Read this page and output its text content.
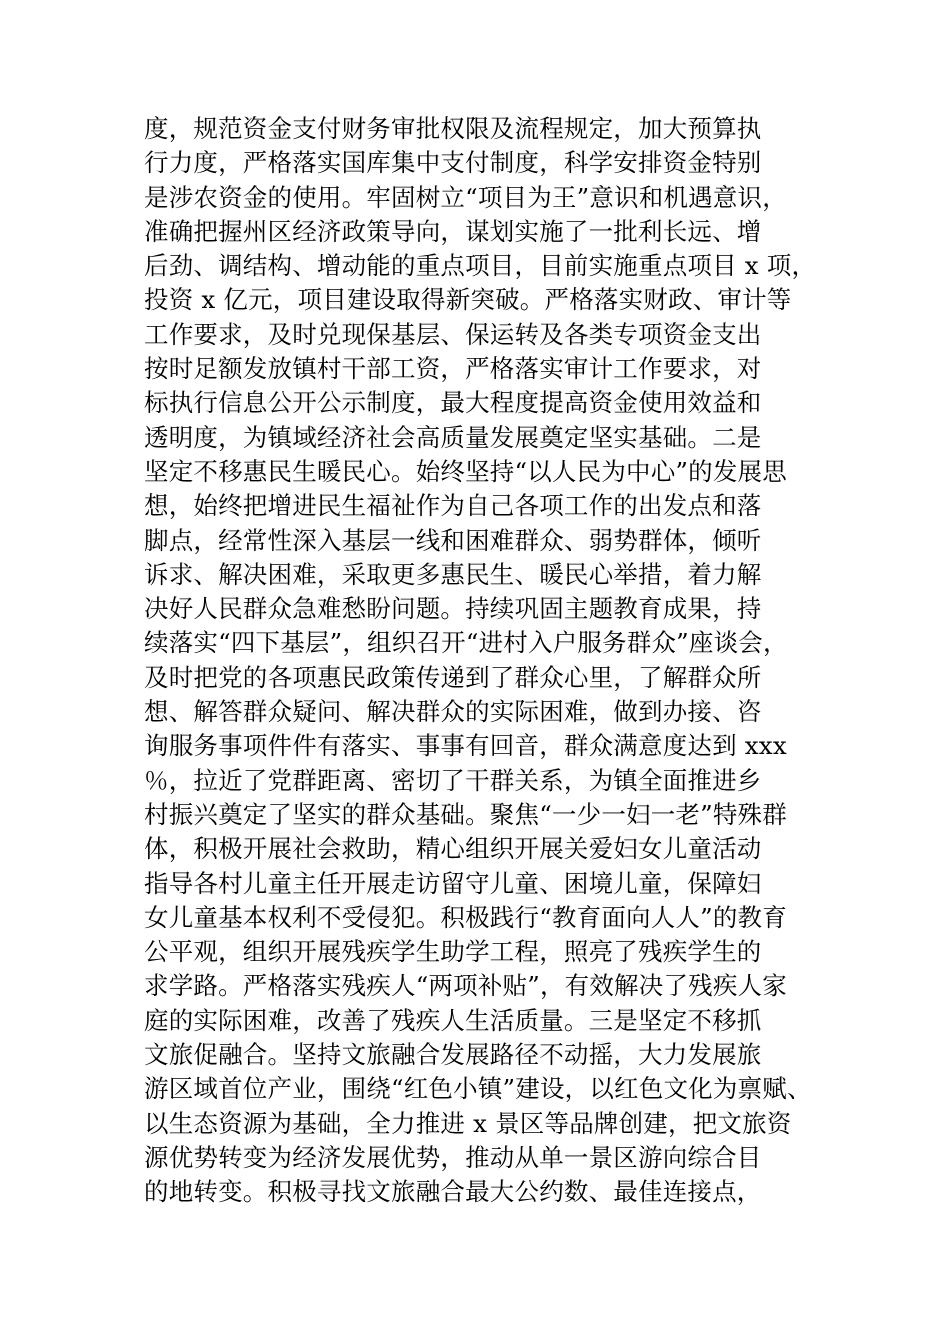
度，规范资金支付财务审批权限及流程规定，加大预算执
行力度，严格落实国库集中支付制度，科学安排资金特别
是涉农资金的使用。牢固树立“项目为王”意识和机遇意识，
准确把握州区经济政策导向，谋划实施了一批利长远、增
后劲、调结构、增动能的重点项目，目前实施重点项目 x 项，
投资 x 亿元，项目建设取得新突破。严格落实财政、审计等
工作要求，及时兑现保基层、保运转及各类专项资金支出
按时足额发放镇村干部工资，严格落实审计工作要求，对
标执行信息公开公示制度，最大程度提高资金使用效益和
透明度，为镇域经济社会高质量发展奠定坚实基础。二是
坚定不移惠民生暖民心。始终坚持“以人民为中心”的发展思
想，始终把增进民生福祉作为自己各项工作的出发点和落
脚点，经常性深入基层一线和困难群众、弱势群体，倾听
诉求、解决困难，采取更多惠民生、暖民心举措，着力解
决好人民群众急难愁盼问题。持续巩固主题教育成果，持
续落实“四下基层”，组织召开“进村入户服务群众”座谈会，
及时把党的各项惠民政策传递到了群众心里，了解群众所
想、解答群众疑问、解决群众的实际困难，做到办接、咨
询服务事项件件有落实、事事有回音，群众满意度达到 xxx
％，拉近了党群距离、密切了干群关系，为镇全面推进乡
村振兴奠定了坚实的群众基础。聚焦“一少一妇一老”特殊群
体，积极开展社会救助，精心组织开展关爱妇女儿童活动
指导各村儿童主任开展走访留守儿童、困境儿童，保障妇
女儿童基本权利不受侵犯。积极践行“教育面向人人”的教育
公平观，组织开展残疾学生助学工程，照亮了残疾学生的
求学路。严格落实残疾人“两项补贴”，有效解决了残疾人家
庭的实际困难，改善了残疾人生活质量。三是坚定不移抓
文旅促融合。坚持文旅融合发展路径不动摇，大力发展旅
游区域首位产业，围绕“红色小镇”建设，以红色文化为禀赋、
以生态资源为基础，全力推进 x 景区等品牌创建，把文旅资
源优势转变为经济发展优势，推动从单一景区游向综合目
的地转变。积极寻找文旅融合最大公约数、最佳连接点，
